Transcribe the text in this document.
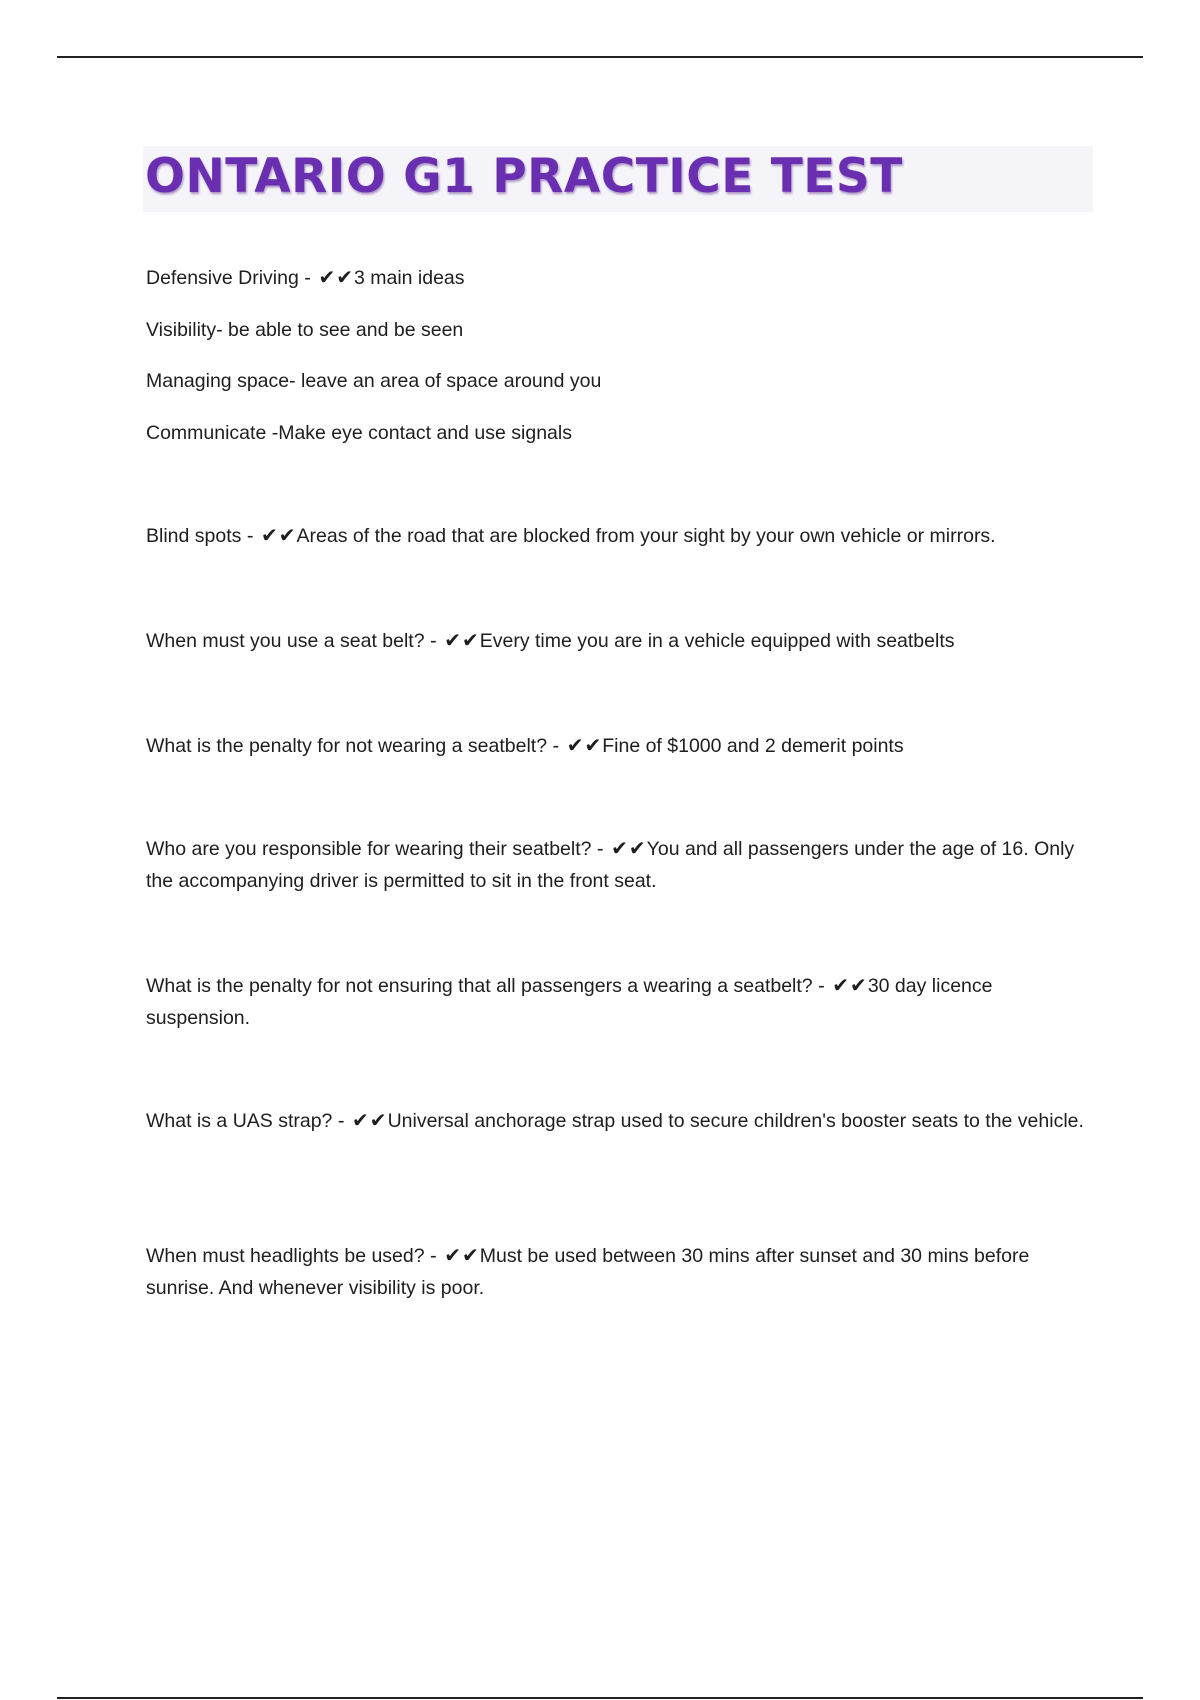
ONTARIO G1 PRACTICE TEST

Defensive Driving - ✔✔3 main ideas

Visibility- be able to see and be seen

Managing space- leave an area of space around you

Communicate -Make eye contact and use signals

Blind spots - ✔✔Areas of the road that are blocked from your sight by your own vehicle or mirrors.

When must you use a seat belt? - ✔✔Every time you are in a vehicle equipped with seatbelts

What is the penalty for not wearing a seatbelt? - ✔✔Fine of $1000 and 2 demerit points

Who are you responsible for wearing their seatbelt? - ✔✔You and all passengers under the age of 16. Only the accompanying driver is permitted to sit in the front seat.

What is the penalty for not ensuring that all passengers a wearing a seatbelt? - ✔✔30 day licence suspension.

What is a UAS strap? - ✔✔Universal anchorage strap used to secure children's booster seats to the vehicle.

When must headlights be used? - ✔✔Must be used between 30 mins after sunset and 30 mins before sunrise. And whenever visibility is poor.
